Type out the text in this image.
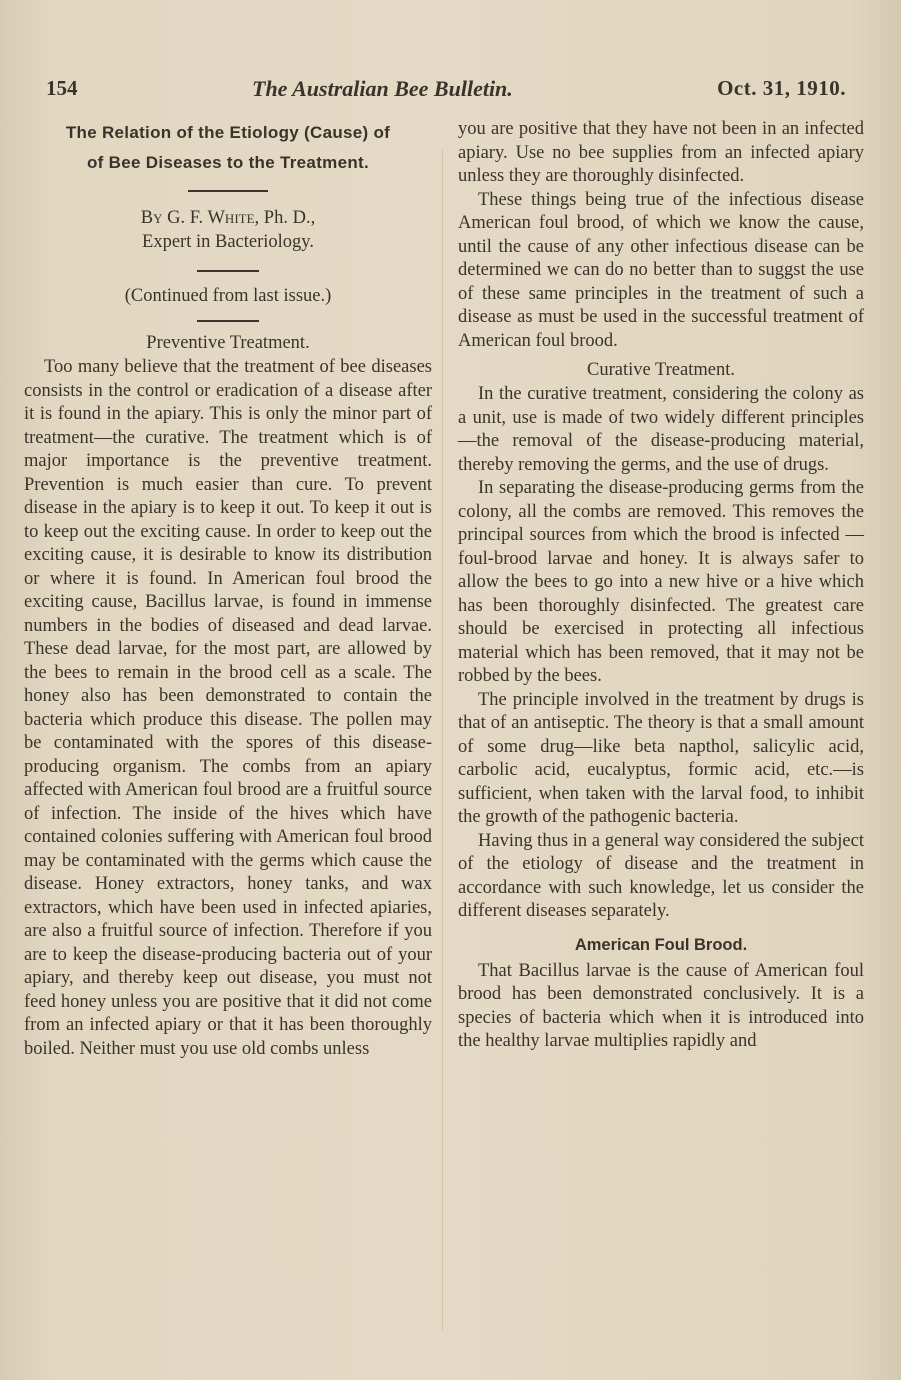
154	The Australian Bee Bulletin.	Oct. 31, 1910.
The Relation of the Etiology (Cause) of
of Bee Diseases to the Treatment.
By G. F. White, Ph. D.,
Expert in Bacteriology.
(Continued from last issue.)
Preventive Treatment.

Too many believe that the treatment of bee diseases consists in the control or eradication of a disease after it is found in the apiary. This is only the minor part of treatment—the curative. The treatment which is of major importance is the preventive treatment. Prevention is much easier than cure. To prevent disease in the apiary is to keep it out. To keep it out is to keep out the exciting cause. In order to keep out the exciting cause, it is desirable to know its distribution or where it is found. In American foul brood the exciting cause, Bacillus larvae, is found in immense numbers in the bodies of diseased and dead larvae. These dead larvae, for the most part, are allowed by the bees to remain in the brood cell as a scale. The honey also has been demonstrated to contain the bacteria which produce this disease. The pollen may be contaminated with the spores of this disease-producing organism. The combs from an apiary affected with American foul brood are a fruitful source of infection. The inside of the hives which have contained colonies suffering with American foul brood may be contaminated with the germs which cause the disease. Honey extractors, honey tanks, and wax extractors, which have been used in infected apiaries, are also a fruitful source of infection. Therefore if you are to keep the disease-producing bacteria out of your apiary, and thereby keep out disease, you must not feed honey unless you are positive that it did not come from an infected apiary or that it has been thoroughly boiled. Neither must you use old combs unless

you are positive that they have not been in an infected apiary. Use no bee supplies from an infected apiary unless they are thoroughly disinfected.

These things being true of the infectious disease American foul brood, of which we know the cause, until the cause of any other infectious disease can be determined we can do no better than to suggst the use of these same principles in the treatment of such a disease as must be used in the successful treatment of American foul brood.

Curative Treatment.

In the curative treatment, considering the colony as a unit, use is made of two widely different principles—the removal of the disease-producing material, thereby removing the germs, and the use of drugs.

In separating the disease-producing germs from the colony, all the combs are removed. This removes the principal sources from which the brood is infected —foul-brood larvae and honey. It is always safer to allow the bees to go into a new hive or a hive which has been thoroughly disinfected. The greatest care should be exercised in protecting all infectious material which has been removed, that it may not be robbed by the bees.

The principle involved in the treatment by drugs is that of an antiseptic. The theory is that a small amount of some drug—like beta napthol, salicylic acid, carbolic acid, eucalyptus, formic acid, etc.—is sufficient, when taken with the larval food, to inhibit the growth of the pathogenic bacteria.

Having thus in a general way considered the subject of the etiology of disease and the treatment in accordance with such knowledge, let us consider the different diseases separately.

American Foul Brood.

That Bacillus larvae is the cause of American foul brood has been demonstrated conclusively. It is a species of bacteria which when it is introduced into the healthy larvae multiplies rapidly and
